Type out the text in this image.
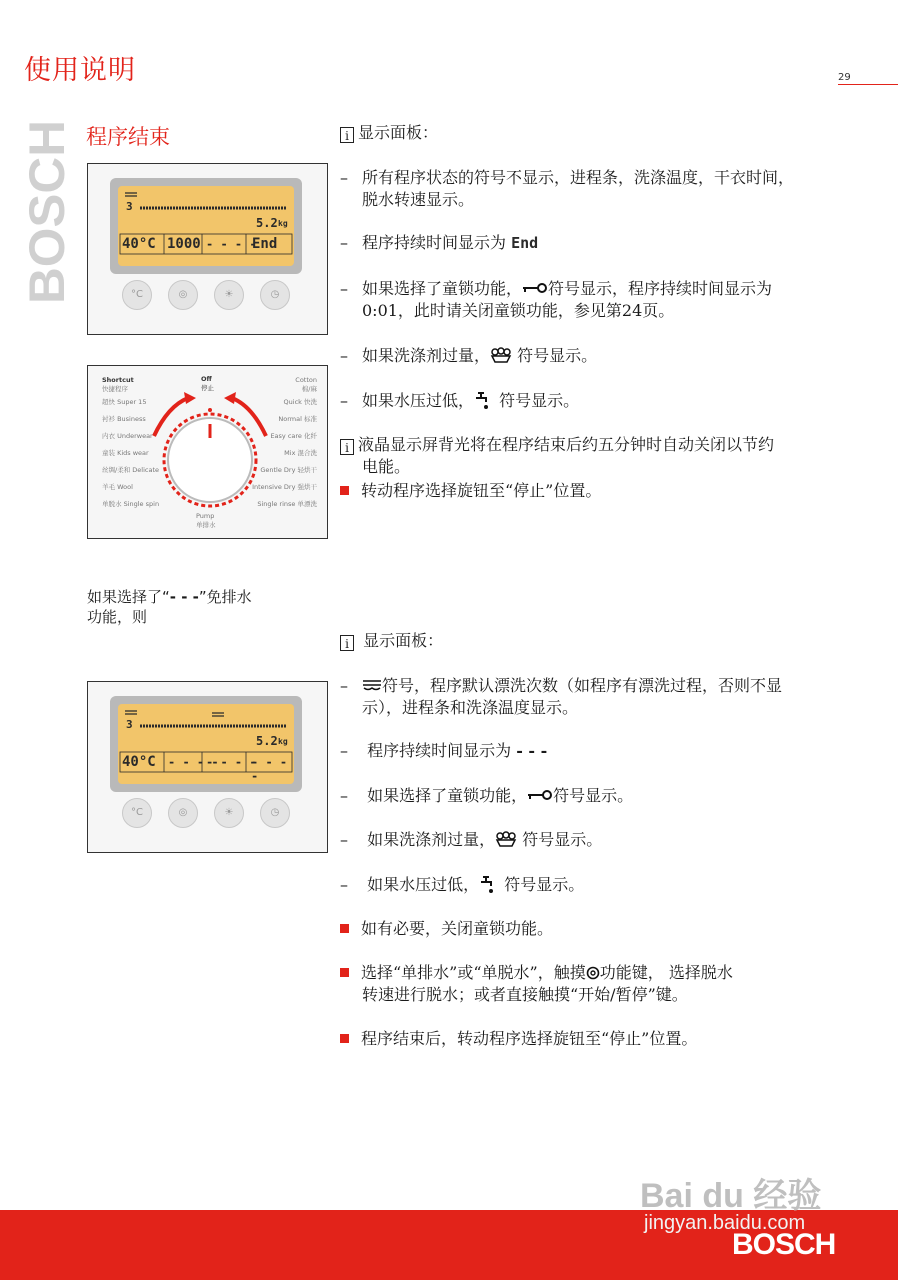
使用说明	29
BOSCH 程序结束
3
5.2 kg
40°C 1000 - - - -
End
°C	◎	☀	◷
Off
停止
Pump
单排水
Shortcut
快捷程序
超快 Super 15
衬衫 Business
内衣 Underwear
童装 Kids wear
丝绸/柔和 Delicate
羊毛 Wool
单脱水 Single spin
Cotton
棉/麻
Quick 快洗
Normal 标准
Easy care 化纤
Mix 混合洗
Gentle Dry 轻烘干
Intensive Dry 强烘干
Single rinse 单漂洗
i 显示面板：
– 所有程序状态的符号不显示，进程条，洗涤温度，干衣时间，
脱水转速显示。
– 程序持续时间显示为 End
– 如果选择了童锁功能， 符号显示，程序持续时间显示为
0:01，此时请关闭童锁功能，参见第24页。
– 如果洗涤剂过量， 符号显示。
– 如果水压过低， 符号显示。
i 液晶显示屏背光将在程序结束后约五分钟时自动关闭以节约
电能。
转动程序选择旋钮至“停止”位置。
如果选择了“- - -”免排水
功能，则
3
5.2 kg
40°C - - - -
- - - -
- - - -
°C	◎	☀	◷
i 显示面板：
– 符号，程序默认漂洗次数（如程序有漂洗过程，否则不显
示），进程条和洗涤温度显示。
– 程序持续时间显示为 - - -
– 如果选择了童锁功能， 符号显示。
– 如果洗涤剂过量， 符号显示。
– 如果水压过低， 符号显示。
如有必要，关闭童锁功能。
选择“单排水”或“单脱水”，触摸 功能键， 选择脱水
转速进行脱水；或者直接触摸“开始/暂停”键。
程序结束后，转动程序选择旋钮至“停止”位置。
Bai du 经验
jingyan.baidu.com
BOSCH
